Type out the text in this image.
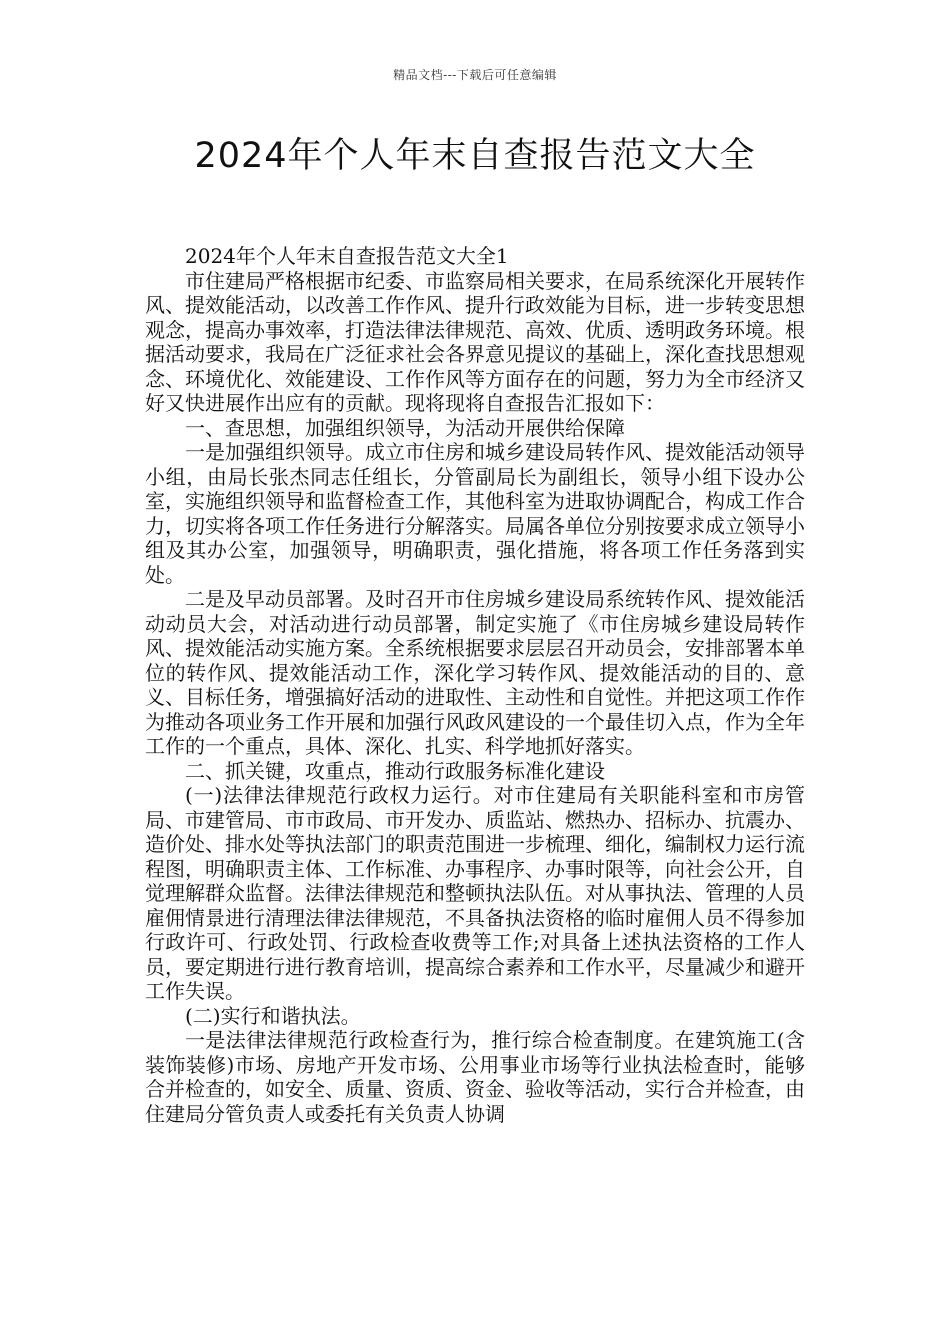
精品文档---下载后可任意编辑
2024年个人年末自查报告范文大全

2024年个人年末自查报告范文大全1

市住建局严格根据市纪委、市监察局相关要求，在局系统深化开展转作风、提效能活动，以改善工作作风、提升行政效能为目标，进一步转变思想观念，提高办事效率，打造法律法律规范、高效、优质、透明政务环境。根据活动要求，我局在广泛征求社会各界意见提议的基础上，深化查找思想观念、环境优化、效能建设、工作作风等方面存在的问题，努力为全市经济又好又快进展作出应有的贡献。现将现将自查报告汇报如下：

一、查思想，加强组织领导，为活动开展供给保障

一是加强组织领导。成立市住房和城乡建设局转作风、提效能活动领导小组，由局长张杰同志任组长，分管副局长为副组长，领导小组下设办公室，实施组织领导和监督检查工作，其他科室为进取协调配合，构成工作合力，切实将各项工作任务进行分解落实。局属各单位分别按要求成立领导小组及其办公室，加强领导，明确职责，强化措施，将各项工作任务落到实处。

二是及早动员部署。及时召开市住房城乡建设局系统转作风、提效能活动动员大会，对活动进行动员部署，制定实施了《市住房城乡建设局转作风、提效能活动实施方案。全系统根据要求层层召开动员会，安排部署本单位的转作风、提效能活动工作，深化学习转作风、提效能活动的目的、意义、目标任务，增强搞好活动的进取性、主动性和自觉性。并把这项工作作为推动各项业务工作开展和加强行风政风建设的一个最佳切入点，作为全年工作的一个重点，具体、深化、扎实、科学地抓好落实。

二、抓关键，攻重点，推动行政服务标准化建设

(一)法律法律规范行政权力运行。对市住建局有关职能科室和市房管局、市建管局、市市政局、市开发办、质监站、燃热办、招标办、抗震办、造价处、排水处等执法部门的职责范围进一步梳理、细化，编制权力运行流程图，明确职责主体、工作标准、办事程序、办事时限等，向社会公开，自觉理解群众监督。法律法律规范和整顿执法队伍。对从事执法、管理的人员雇佣情景进行清理法律法律规范，不具备执法资格的临时雇佣人员不得参加行政许可、行政处罚、行政检查收费等工作;对具备上述执法资格的工作人员，要定期进行进行教育培训，提高综合素养和工作水平，尽量减少和避开工作失误。

(二)实行和谐执法。

一是法律法律规范行政检查行为，推行综合检查制度。在建筑施工(含装饰装修)市场、房地产开发市场、公用事业市场等行业执法检查时，能够合并检查的，如安全、质量、资质、资金、验收等活动，实行合并检查，由住建局分管负责人或委托有关负责人协调
